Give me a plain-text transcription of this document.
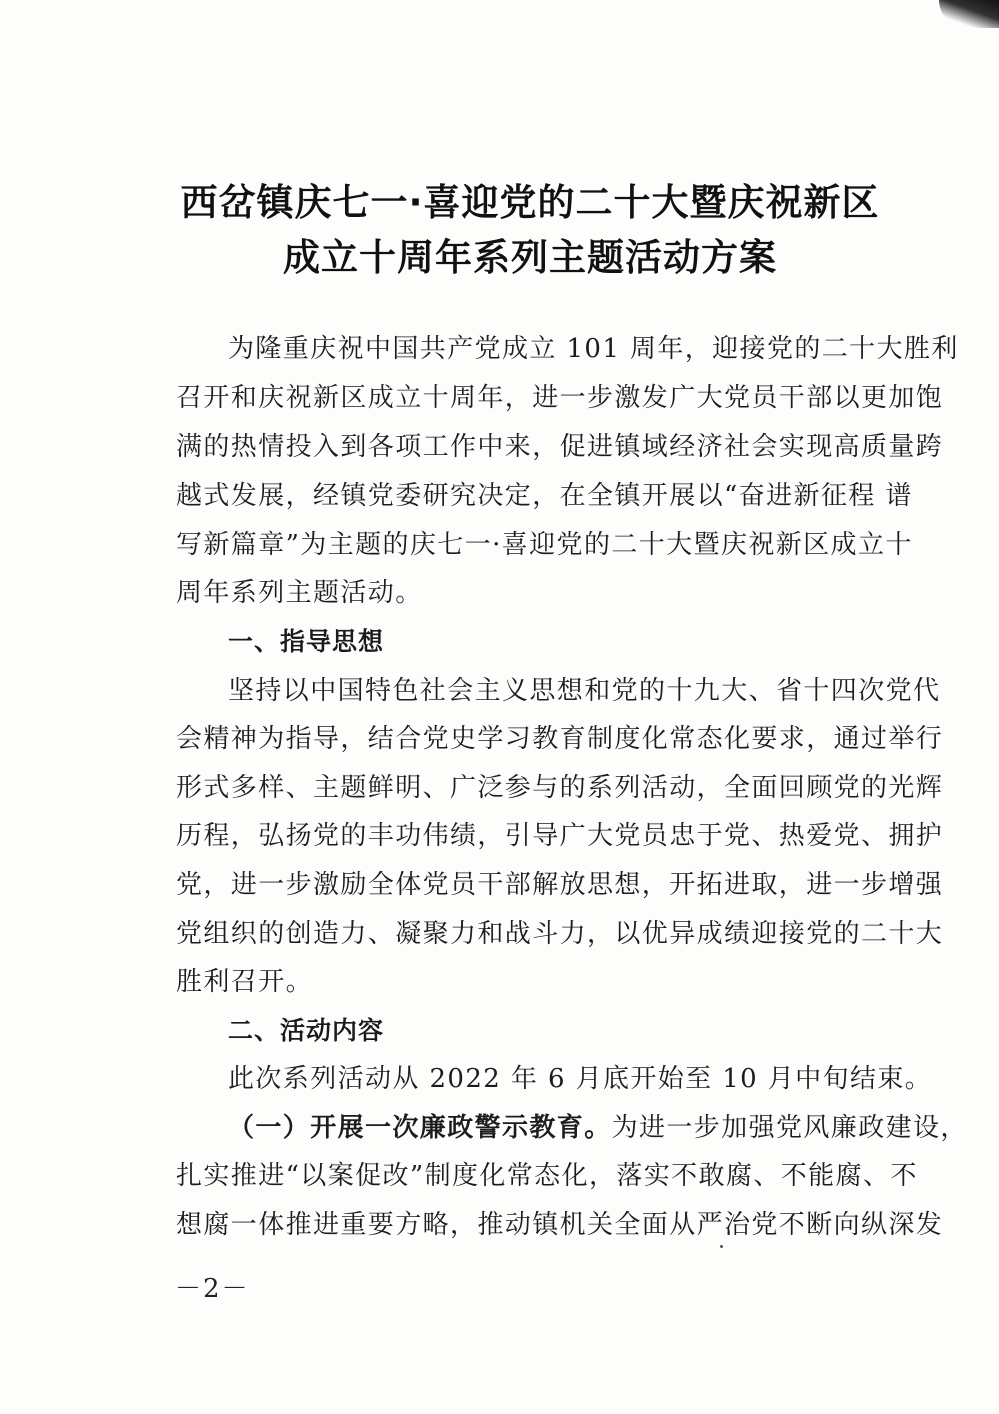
西岔镇庆七一·喜迎党的二十大暨庆祝新区
成立十周年系列主题活动方案

为隆重庆祝中国共产党成立 101 周年，迎接党的二十大胜利
召开和庆祝新区成立十周年，进一步激发广大党员干部以更加饱
满的热情投入到各项工作中来，促进镇域经济社会实现高质量跨
越式发展，经镇党委研究决定，在全镇开展以“奋进新征程 谱
写新篇章”为主题的庆七一·喜迎党的二十大暨庆祝新区成立十
周年系列主题活动。
一、指导思想
坚持以中国特色社会主义思想和党的十九大、省十四次党代
会精神为指导，结合党史学习教育制度化常态化要求，通过举行
形式多样、主题鲜明、广泛参与的系列活动，全面回顾党的光辉
历程，弘扬党的丰功伟绩，引导广大党员忠于党、热爱党、拥护
党，进一步激励全体党员干部解放思想，开拓进取，进一步增强
党组织的创造力、凝聚力和战斗力，以优异成绩迎接党的二十大
胜利召开。
二、活动内容
此次系列活动从 2022 年 6 月底开始至 10 月中旬结束。
（一）开展一次廉政警示教育。为进一步加强党风廉政建设，
扎实推进“以案促改”制度化常态化，落实不敢腐、不能腐、不
想腐一体推进重要方略，推动镇机关全面从严治党不断向纵深发
－2－
